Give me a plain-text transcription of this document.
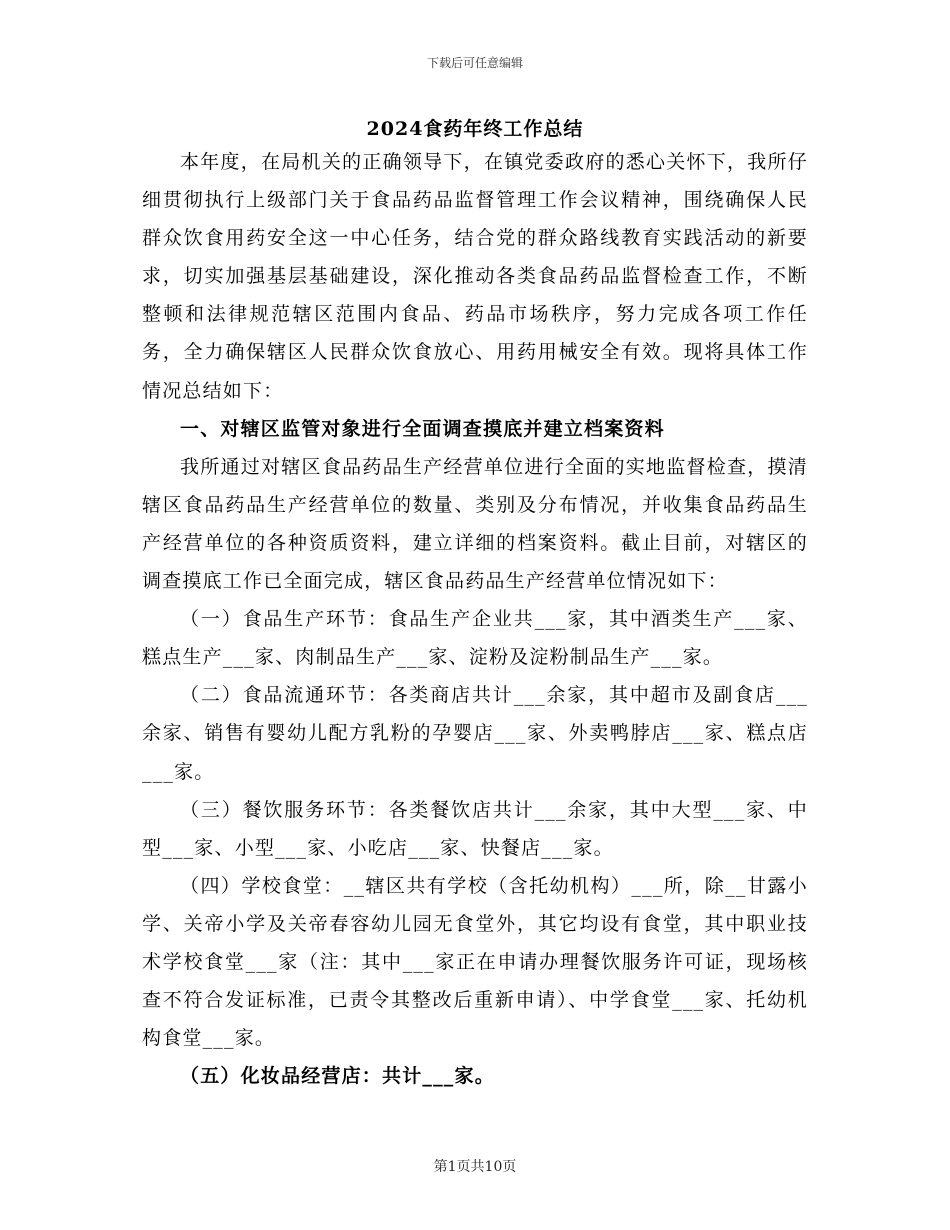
下载后可任意编辑
2024食药年终工作总结

本年度，在局机关的正确领导下，在镇党委政府的悉心关怀下，我所仔细贯彻执行上级部门关于食品药品监督管理工作会议精神，围绕确保人民群众饮食用药安全这一中心任务，结合党的群众路线教育实践活动的新要求，切实加强基层基础建设，深化推动各类食品药品监督检查工作，不断整顿和法律规范辖区范围内食品、药品市场秩序，努力完成各项工作任务，全力确保辖区人民群众饮食放心、用药用械安全有效。现将具体工作情况总结如下：

一、对辖区监管对象进行全面调查摸底并建立档案资料

我所通过对辖区食品药品生产经营单位进行全面的实地监督检查，摸清辖区食品药品生产经营单位的数量、类别及分布情况，并收集食品药品生产经营单位的各种资质资料，建立详细的档案资料。截止目前，对辖区的调查摸底工作已全面完成，辖区食品药品生产经营单位情况如下：

（一）食品生产环节：食品生产企业共___家，其中酒类生产___家、糕点生产___家、肉制品生产___家、淀粉及淀粉制品生产___家。

（二）食品流通环节：各类商店共计___余家，其中超市及副食店___余家、销售有婴幼儿配方乳粉的孕婴店___家、外卖鸭脖店___家、糕点店___家。

（三）餐饮服务环节：各类餐饮店共计___余家，其中大型___家、中型___家、小型___家、小吃店___家、快餐店___家。

（四）学校食堂：__辖区共有学校（含托幼机构）___所，除__甘露小学、关帝小学及关帝春容幼儿园无食堂外，其它均设有食堂，其中职业技术学校食堂___家（注：其中___家正在申请办理餐饮服务许可证，现场核查不符合发证标准，已责令其整改后重新申请）、中学食堂___家、托幼机构食堂___家。

（五）化妆品经营店：共计___家。

第1页共10页
